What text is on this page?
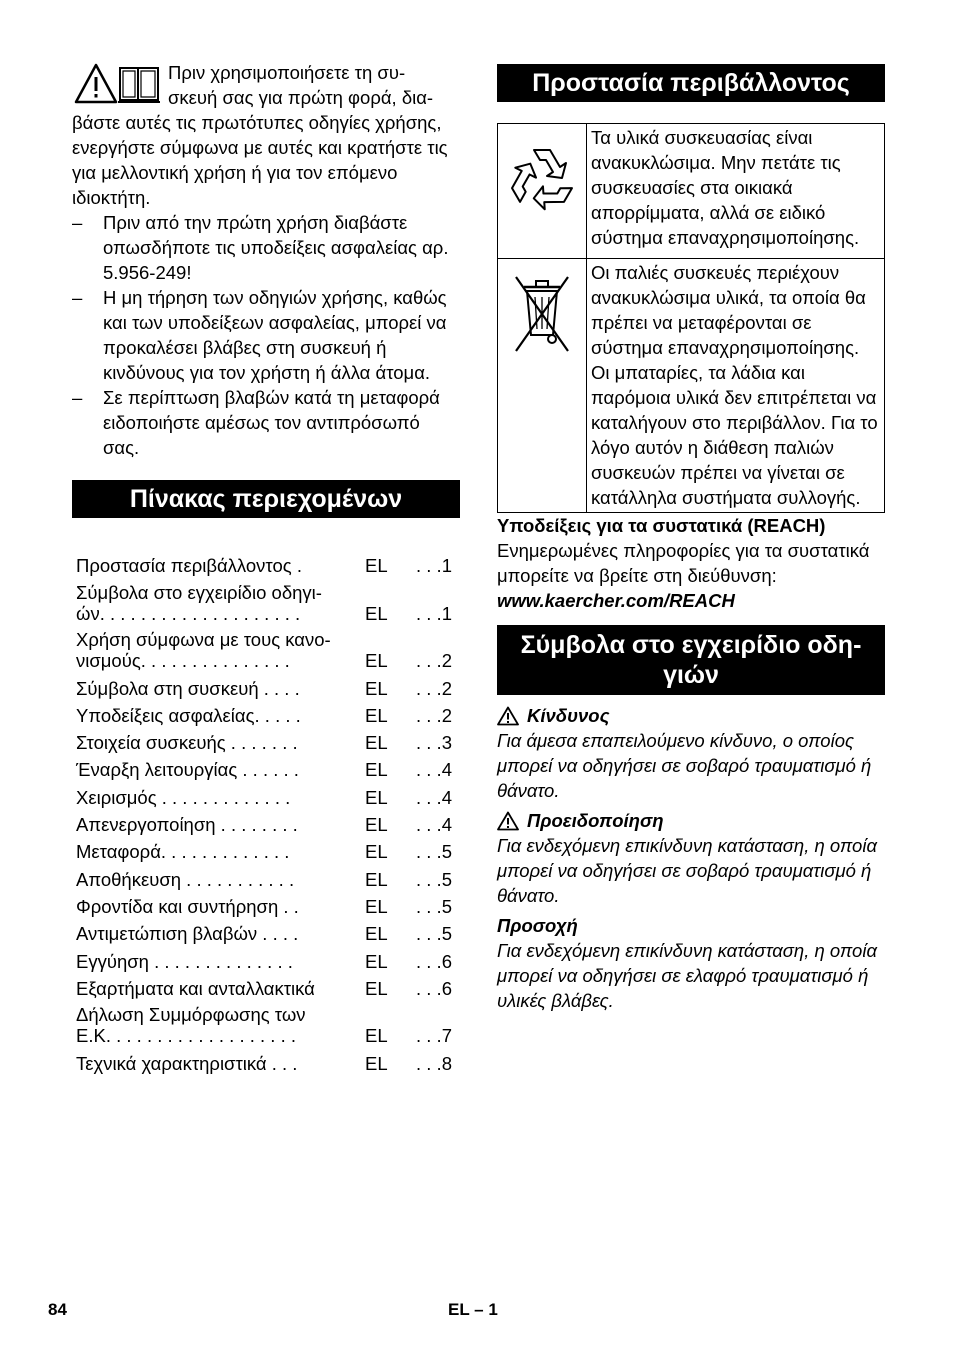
Πριν χρησιμοποιήσετε τη συ-

σκευή σας για πρώτη φορά, δια-

βάστε αυτές τις πρωτότυπες οδηγίες χρήσης, ενεργήστε σύμφωνα με αυτές και κρατήστε τις για μελλοντική χρήση ή για τον επόμενο ιδιοκτήτη.

– Πριν από την πρώτη χρήση διαβάστε οπωσδήποτε τις υποδείξεις ασφαλείας αρ. 5.956-249!
– Η μη τήρηση των οδηγιών χρήσης, καθώς και των υποδείξεων ασφαλείας, μπορεί να προκαλέσει βλάβες στη συσκευή ή κινδύνους για τον χρήστη ή άλλα άτομα.
– Σε περίπτωση βλαβών κατά τη μεταφορά ειδοποιήστε αμέσως τον αντιπρόσωπό σας.
Πίνακας περιεχομένων
Προστασία περιβάλλοντος .	EL . . .1
Σύμβολα στο εγχειρίδιο οδηγι-
ών. . . . . . . . . . . . . . . . . . . .	EL . . .1
Χρήση σύμφωνα με τους κανο-
νισμούς. . . . . . . . . . . . . . .	EL . . .2
Σύμβολα στη συσκευή . . . .	EL . . .2
Υποδείξεις ασφαλείας. . . . .	EL . . .2
Στοιχεία συσκευής . . . . . . .	EL . . .3
Έναρξη λειτουργίας . . . . . .	EL . . .4
Χειρισμός . . . . . . . . . . . . .	EL . . .4
Απενεργοποίηση . . . . . . . .	EL . . .4
Μεταφορά. . . . . . . . . . . . .	EL . . .5
Αποθήκευση . . . . . . . . . . .	EL . . .5
Φροντίδα και συντήρηση . .	EL . . .5
Αντιμετώπιση βλαβών . . . .	EL . . .5
Εγγύηση . . . . . . . . . . . . . .	EL . . .6
Εξαρτήματα και ανταλλακτικά	EL . . .6
Δήλωση Συμμόρφωσης των
Ε.Κ. . . . . . . . . . . . . . . . . . .	EL . . .7
Τεχνικά χαρακτηριστικά . . .	EL . . .8
Προστασία περιβάλλοντος
	Τα υλικά συσκευασίας είναι ανακυκλώσιμα. Μην πετάτε τις συσκευασίες στα οικιακά απορρίμματα, αλλά σε ειδικό σύστημα επαναχρησιμοποίησης.
	Οι παλιές συσκευές περιέχουν ανακυκλώσιμα υλικά, τα οποία θα πρέπει να μεταφέρονται σε σύστημα επαναχρησιμοποίησης. Οι μπαταρίες, τα λάδια και παρόμοια υλικά δεν επιτρέπεται να καταλήγουν στο περιβάλλον. Για το λόγο αυτόν η διάθεση παλιών συσκευών πρέπει να γίνεται σε κατάλληλα συστήματα συλλογής.
Υποδείξεις για τα συστατικά (REACH)
Ενημερωμένες πληροφορίες για τα συστατικά μπορείτε να βρείτε στη διεύθυνση:
www.kaercher.com/REACH
Σύμβολα στο εγχειρίδιο οδη-
γιών
Κίνδυνος
Για άμεσα επαπειλούμενο κίνδυνο, ο οποίος μπορεί να οδηγήσει σε σοβαρό τραυματισμό ή θάνατο.
Προειδοποίηση
Για ενδεχόμενη επικίνδυνη κατάσταση, η οποία μπορεί να οδηγήσει σε σοβαρό τραυματισμό ή θάνατο.
Προσοχή
Για ενδεχόμενη επικίνδυνη κατάσταση, η οποία μπορεί να οδηγήσει σε ελαφρό τραυματισμό ή υλικές βλάβες.
84	EL – 1
